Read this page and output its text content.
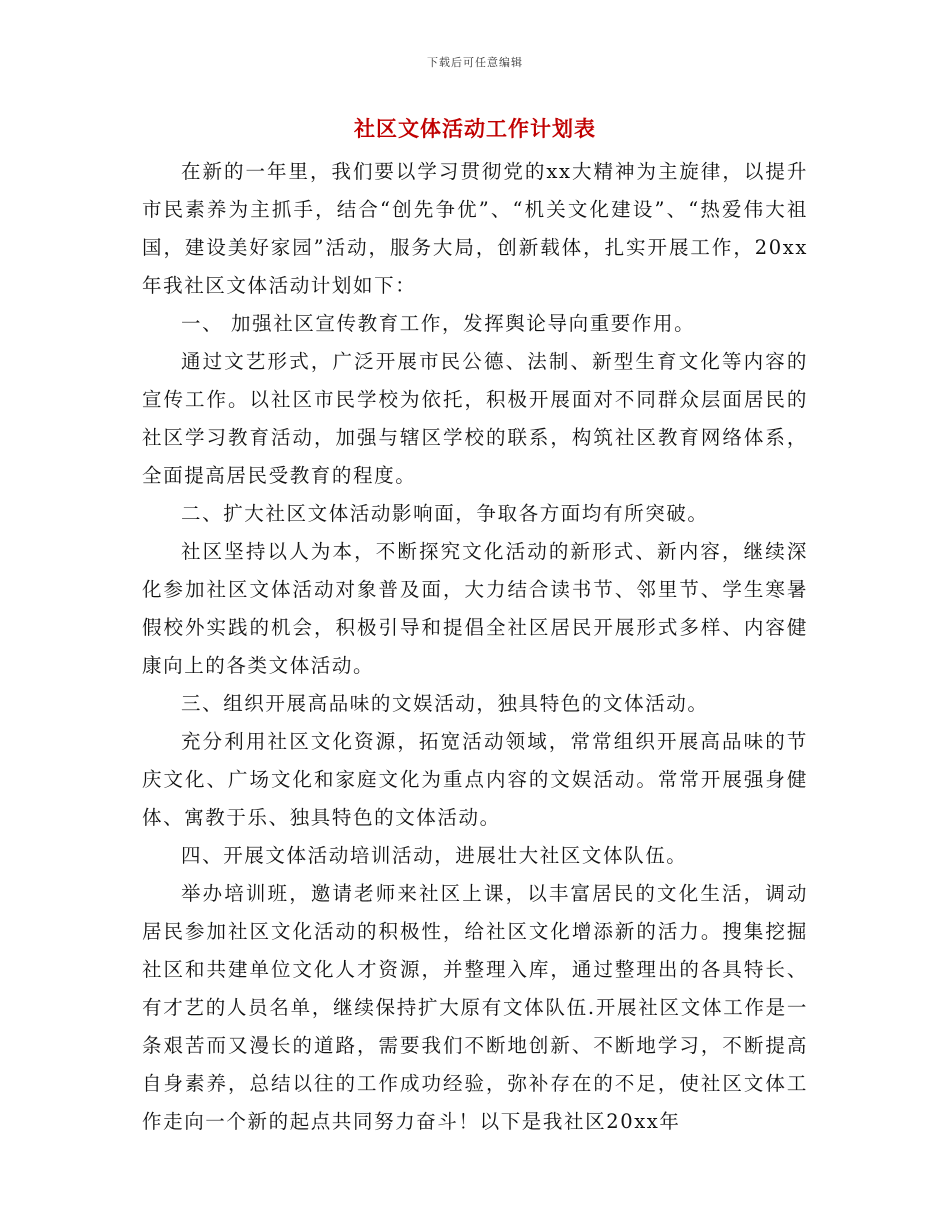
下载后可任意编辑
社区文体活动工作计划表

在新的一年里，我们要以学习贯彻党的xx大精神为主旋律，以提升市民素养为主抓手，结合“创先争优”、“机关文化建设”、“热爱伟大祖国，建设美好家园”活动，服务大局，创新载体，扎实开展工作，20xx年我社区文体活动计划如下：

一、 加强社区宣传教育工作，发挥舆论导向重要作用。

通过文艺形式，广泛开展市民公德、法制、新型生育文化等内容的宣传工作。以社区市民学校为依托，积极开展面对不同群众层面居民的社区学习教育活动，加强与辖区学校的联系，构筑社区教育网络体系，全面提高居民受教育的程度。

二、扩大社区文体活动影响面，争取各方面均有所突破。

社区坚持以人为本，不断探究文化活动的新形式、新内容，继续深化参加社区文体活动对象普及面，大力结合读书节、邻里节、学生寒暑假校外实践的机会，积极引导和提倡全社区居民开展形式多样、内容健康向上的各类文体活动。

三、组织开展高品味的文娱活动，独具特色的文体活动。

充分利用社区文化资源，拓宽活动领域，常常组织开展高品味的节庆文化、广场文化和家庭文化为重点内容的文娱活动。常常开展强身健体、寓教于乐、独具特色的文体活动。

四、开展文体活动培训活动，进展壮大社区文体队伍。

举办培训班，邀请老师来社区上课，以丰富居民的文化生活，调动居民参加社区文化活动的积极性，给社区文化增添新的活力。搜集挖掘社区和共建单位文化人才资源，并整理入库，通过整理出的各具特长、有才艺的人员名单，继续保持扩大原有文体队伍.开展社区文体工作是一条艰苦而又漫长的道路，需要我们不断地创新、不断地学习，不断提高自身素养，总结以往的工作成功经验，弥补存在的不足，使社区文体工作走向一个新的起点共同努力奋斗！以下是我社区20xx年
